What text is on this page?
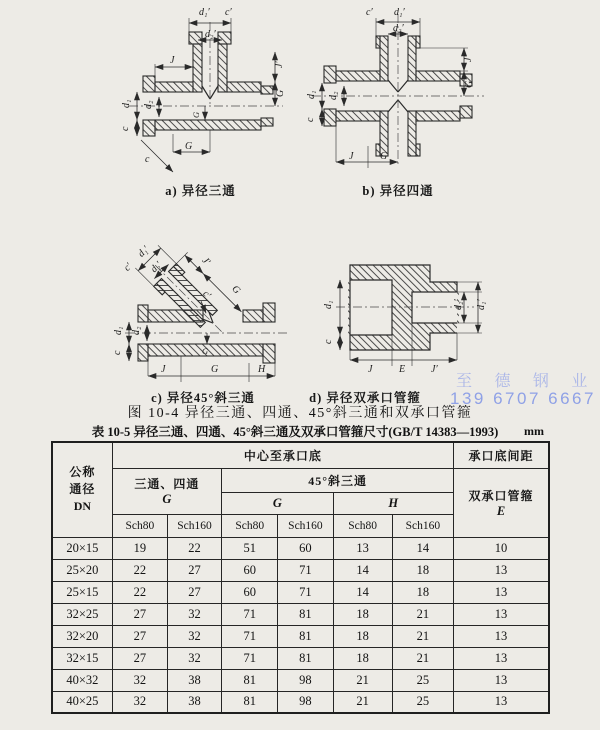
J
d₁′ c′
d₂′
J′
G
d₁ d₂
c
G
c
G
a) 异径三通
c′ d₁′
d₂′
J′
G
d₁ d₂
c
J	G
b) 异径四通
c′
d₁′
d₂′	J′
G
c′
d₁ d₂
c	G
J	G	H
c) 异径45°斜三通
d₁
c
J	E	J′
d₂′ d₁′
d) 异径双承口管箍
至 德 钢 业
139 6707 6667
图 10-4 异径三通、四通、45°斜三通和双承口管箍
表 10-5 异径三通、四通、45°斜三通及双承口管箍尺寸(GB/T 14383—1993)	mm
公称
通径
DN	中心至承口底						承口底间距

三通、四通
G
	45°斜三通	
双承口管箍
E

			G		H		
	Sch80	Sch160	Sch80	Sch160	Sch80	Sch160	
20×15	19	22	51	60	13	14	10
25×20	22	27	60	71	14	18	13
25×15	22	27	60	71	14	18	13
32×25	27	32	71	81	18	21	13
32×20	27	32	71	81	18	21	13
32×15	27	32	71	81	18	21	13
40×32	32	38	81	98	21	25	13
40×25	32	38	81	98	21	25	13
